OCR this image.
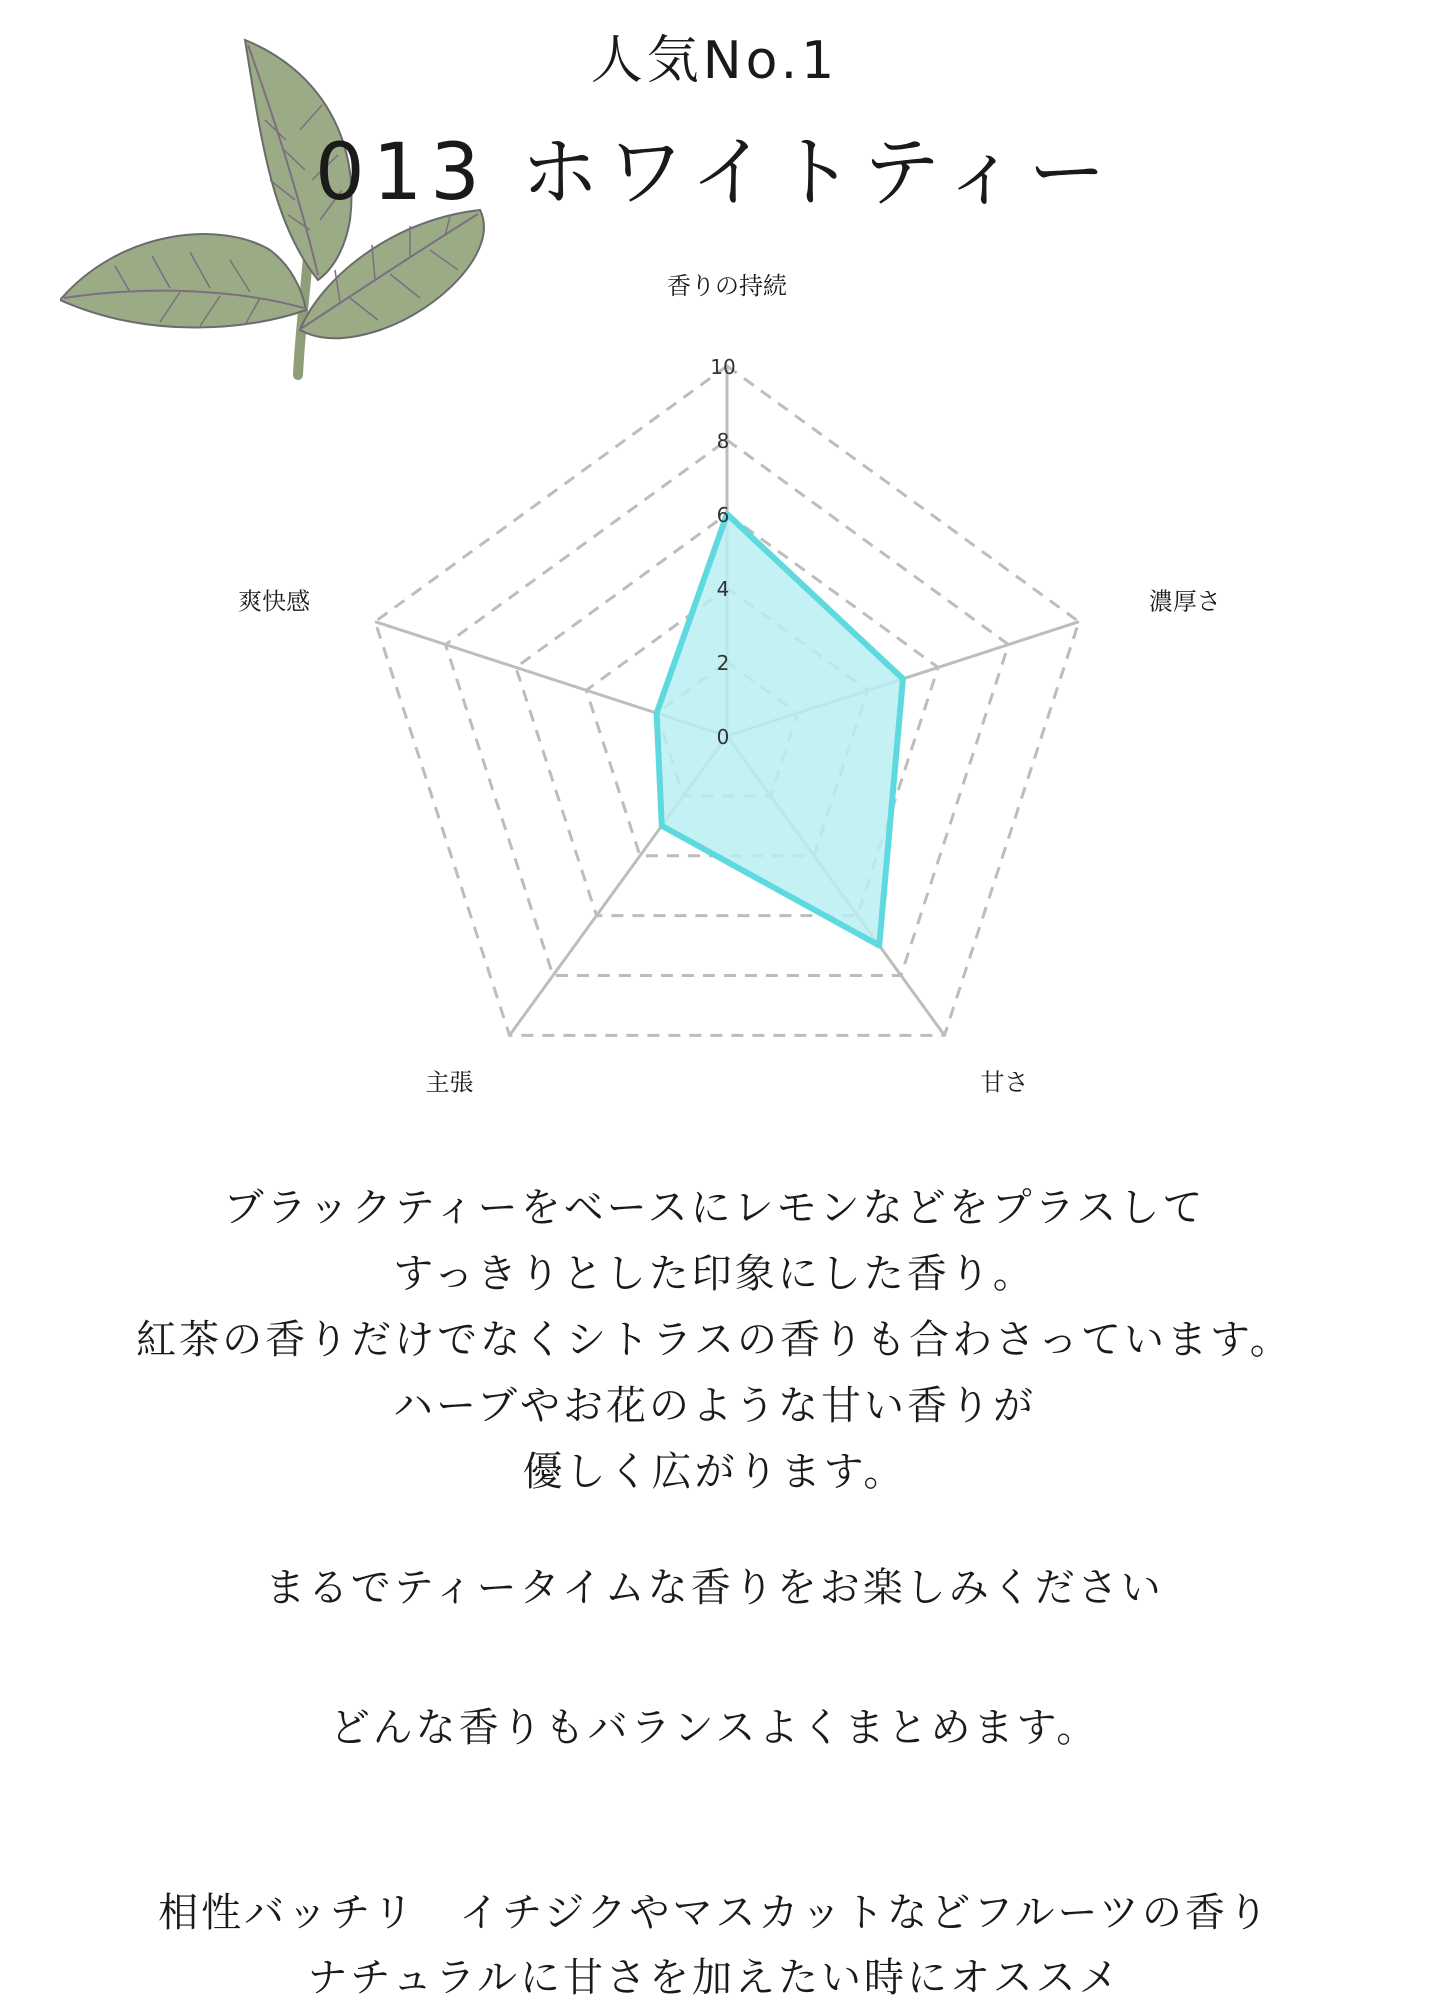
人気No.1
013 ホワイトティー
0
2
4
6
8
10
香りの持続
濃厚さ
甘さ
主張
爽快感

ブラックティーをベースにレモンなどをプラスして

すっきりとした印象にした香り。

紅茶の香りだけでなくシトラスの香りも合わさっています。

ハーブやお花のような甘い香りが

優しく広がります。

まるでティータイムな香りをお楽しみください
どんな香りもバランスよくまとめます。
相性バッチリ　イチジクやマスカットなどフルーツの香り
ナチュラルに甘さを加えたい時にオススメ
